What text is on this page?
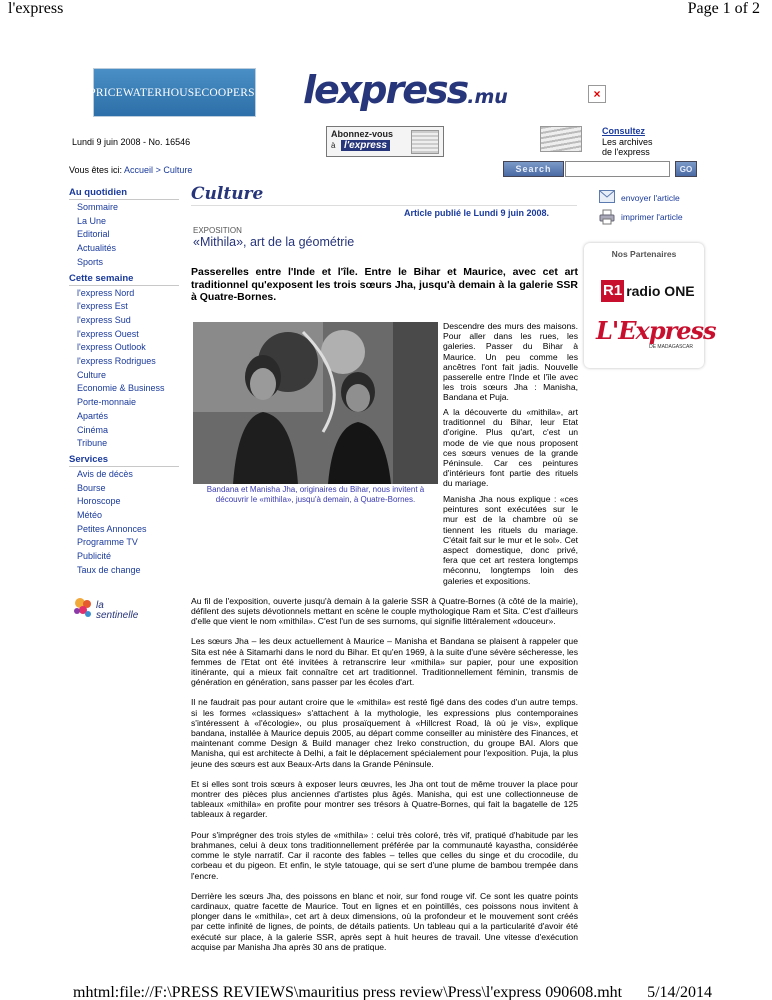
l'express	Page 1 of 2
PRICEWATERHOUSECOOPERS lexpress.mu	×
Lundi 9 juin 2008 - No. 16546
Abonnez-vous
à l'express
Consultez
Les archives
de l'express
Vous êtes ici: Accueil > Culture	Search	GO
Au quotidien
Sommaire
La Une
Editorial
Actualités
Sports
Cette semaine
l'express Nord
l'express Est
l'express Sud
l'express Ouest
l'express Outlook
l'express Rodrigues
Culture
Economie & Business
Porte-monnaie
Apartés
Cinéma
Tribune
Services
Avis de décès
Bourse
Horoscope
Météo
Petites Annonces
Programme TV
Publicité
Taux de change
la
sentinelle
Culture
Article publié le Lundi 9 juin 2008.
EXPOSITION
«Mithila», art de la géométrie
Passerelles entre l'Inde et l'île. Entre le Bihar et Maurice, avec cet art traditionnel qu'exposent les trois sœurs Jha, jusqu'à demain à la galerie SSR à Quatre-Bornes.
Bandana et Manisha Jha, originaires du Bihar, nous invitent à découvrir le «mithila», jusqu'à demain, à Quatre-Bornes.
Descendre des murs des maisons. Pour aller dans les rues, les galeries. Passer du Bihar à Maurice. Un peu comme les ancêtres l'ont fait jadis. Nouvelle passerelle entre l'Inde et l'île avec les trois sœurs Jha : Manisha, Bandana et Puja.
A la découverte du «mithila», art traditionnel du Bihar, leur Etat d'origine. Plus qu'art, c'est un mode de vie que nous proposent ces sœurs venues de la grande Péninsule. Car ces peintures d'intérieurs font partie des rituels du mariage.

Manisha Jha nous explique : «ces peintures sont exécutées sur le mur est de la chambre où se tiennent les rituels du mariage. C'était fait sur le mur et le sol». Cet aspect domestique, donc privé, fera que cet art restera longtemps méconnu, longtemps loin des galeries et expositions.

Au fil de l'exposition, ouverte jusqu'à demain à la galerie SSR à Quatre-Bornes (à côté de la mairie), défilent des sujets dévotionnels mettant en scène le couple mythologique Ram et Sita. C'est d'ailleurs d'elle que vient le nom «mithila». C'est l'un de ses surnoms, qui signifie littéralement «douceur».

Les sœurs Jha – les deux actuellement à Maurice – Manisha et Bandana se plaisent à rappeler que Sita est née à Sitamarhi dans le nord du Bihar. Et qu'en 1969, à la suite d'une sévère sécheresse, les femmes de l'Etat ont été invitées à retranscrire leur «mithila» sur papier, pour une exposition itinérante, qui a mieux fait connaître cet art traditionnel. Traditionnellement féminin, transmis de génération en génération, sans passer par les écoles d'art.

Il ne faudrait pas pour autant croire que le «mithila» est resté figé dans des codes d'un autre temps. si les formes «classiques» s'attachent à la mythologie, les expressions plus contemporaines s'intéressent à «l'écologie», ou plus prosaïquement à «Hillcrest Road, là où je vis», explique bandana, installée à Maurice depuis 2005, au départ comme conseiller au ministère des Finances, et maintenant comme Design & Build manager chez Ireko construction, du groupe BAI. Alors que Manisha, qui est architecte à Delhi, a fait le déplacement spécialement pour l'exposition. Puja, la plus jeune des sœurs est aux Beaux-Arts dans la Grande Péninsule.

Et si elles sont trois sœurs à exposer leurs œuvres, les Jha ont tout de même trouver la place pour montrer des pièces plus anciennes d'artistes plus âgés. Manisha, qui est une collectionneuse de tableaux «mithila» en profite pour montrer ses trésors à Quatre-Bornes, qui fait la bagatelle de 125 tableaux à regarder.

Pour s'imprégner des trois styles de «mithila» : celui très coloré, très vif, pratiqué d'habitude par les brahmanes, celui à deux tons traditionnellement préférée par la communauté kayastha, considérée comme le style narratif. Car il raconte des fables – telles que celles du singe et du crocodile, du corbeau et du pigeon. Et enfin, le style tatouage, qui se sert d'une plume de bambou trempée dans l'encre.

Derrière les sœurs Jha, des poissons en blanc et noir, sur fond rouge vif. Ce sont les quatre points cardinaux, quatre facette de Maurice. Tout en lignes et en pointillés, ces poissons nous invitent à plonger dans le «mithila», cet art à deux dimensions, où la profondeur et le mouvement sont créés par cette infinité de lignes, de points, de détails patients. Un tableau qui a la particularité d'avoir été exécuté sur place, à la galerie SSR, après sept à huit heures de travail. Une vitesse d'exécution acquise par Manisha Jha après 30 ans de pratique.

envoyer l'article
imprimer l'article
Nos Partenaires
R1 radio ONE
L'Express
DE MADAGASCAR
mhtml:file://F:\PRESS REVIEWS\mauritius press review\Press\l'express 090608.mht 5/14/2014
